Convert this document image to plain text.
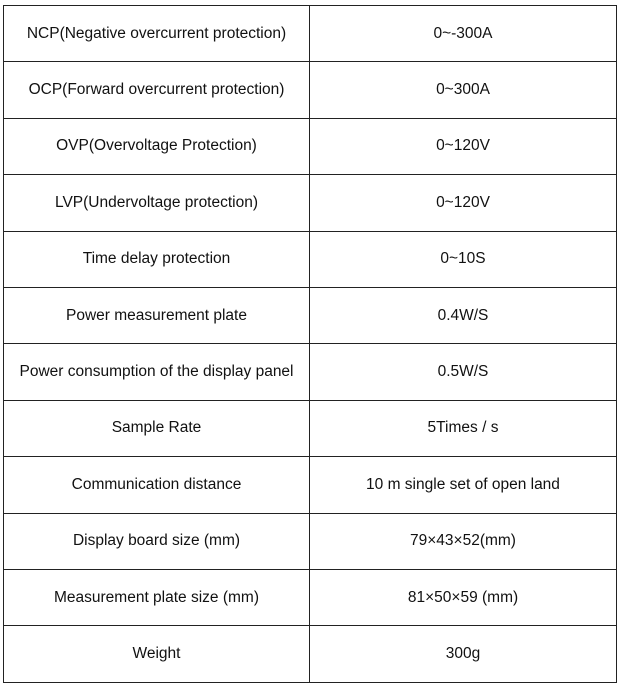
NCP(Negative overcurrent protection)	0~-300A
OCP(Forward overcurrent protection)	0~300A
OVP(Overvoltage Protection)	0~120V
LVP(Undervoltage protection)	0~120V
Time delay protection	0~10S
Power measurement plate	0.4W/S
Power consumption of the display panel	0.5W/S
Sample Rate	5Times / s
Communication distance	10 m single set of open land
Display board size (mm)	79×43×52(mm)
Measurement plate size (mm)	81×50×59 (mm)
Weight	300g
